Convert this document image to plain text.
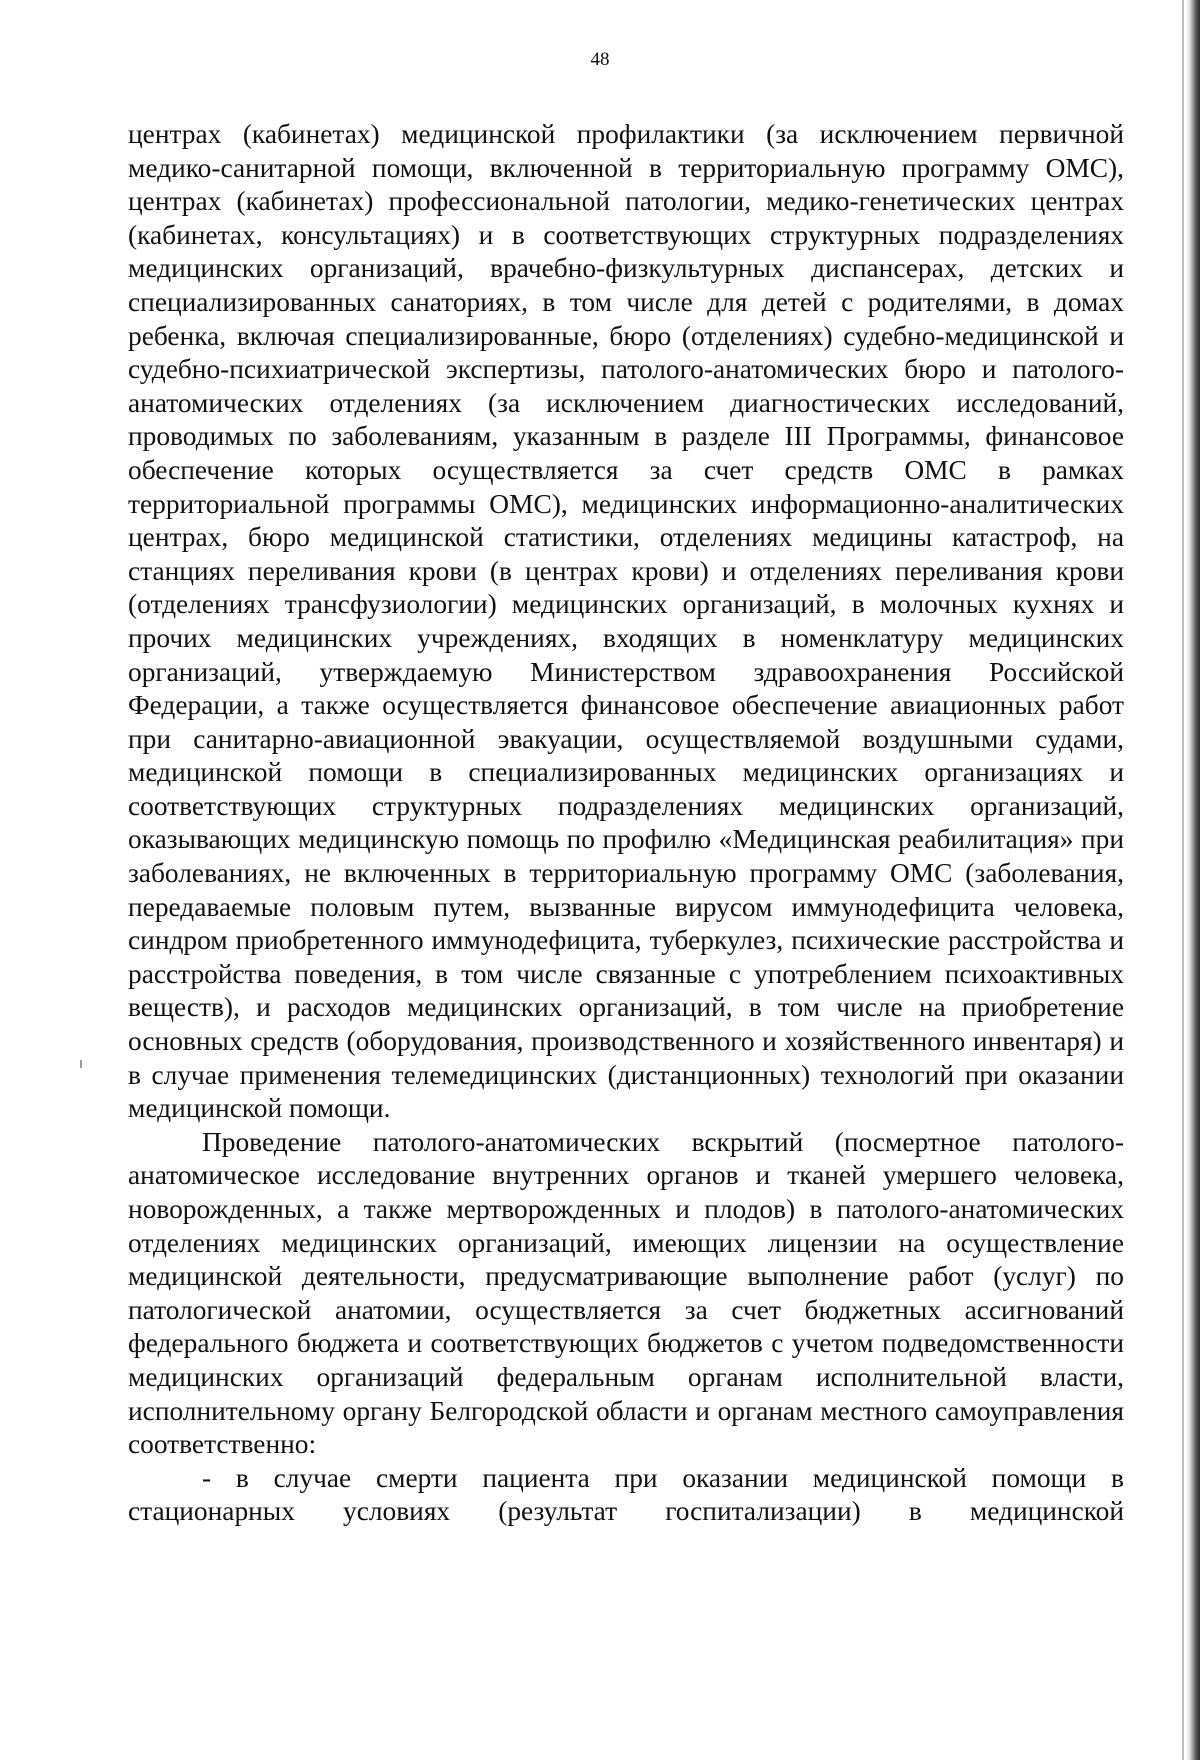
48

центрах (кабинетах) медицинской профилактики (за исключением первичной медико-санитарной помощи, включенной в территориальную программу ОМС), центрах (кабинетах) профессиональной патологии, медико-генетических центрах (кабинетах, консультациях) и в соответствующих структурных подразделениях медицинских организаций, врачебно-физкультурных диспансерах, детских и специализированных санаториях, в том числе для детей с родителями, в домах ребенка, включая специализированные, бюро (отделениях) судебно-медицинской и судебно-психиатрической экспертизы, патолого-анатомических бюро и патолого-анатомических отделениях (за исключением диагностических исследований, проводимых по заболеваниям, указанным в разделе III Программы, финансовое обеспечение которых осуществляется за счет средств ОМС в рамках территориальной программы ОМС), медицинских информационно-аналитических центрах, бюро медицинской статистики, отделениях медицины катастроф, на станциях переливания крови (в центрах крови) и отделениях переливания крови (отделениях трансфузиологии) медицинских организаций, в молочных кухнях и прочих медицинских учреждениях, входящих в номенклатуру медицинских организаций, утверждаемую Министерством здравоохранения Российской Федерации, а также осуществляется финансовое обеспечение авиационных работ при санитарно-авиационной эвакуации, осуществляемой воздушными судами, медицинской помощи в специализированных медицинских организациях и соответствующих структурных подразделениях медицинских организаций, оказывающих медицинскую помощь по профилю «Медицинская реабилитация» при заболеваниях, не включенных в территориальную программу ОМС (заболевания, передаваемые половым путем, вызванные вирусом иммунодефицита человека, синдром приобретенного иммунодефицита, туберкулез, психические расстройства и расстройства поведения, в том числе связанные с употреблением психоактивных веществ), и расходов медицинских организаций, в том числе на приобретение основных средств (оборудования, производственного и хозяйственного инвентаря) и в случае применения телемедицинских (дистанционных) технологий при оказании медицинской помощи.

Проведение патолого-анатомических вскрытий (посмертное патолого-анатомическое исследование внутренних органов и тканей умершего человека, новорожденных, а также мертворожденных и плодов) в патолого-анатомических отделениях медицинских организаций, имеющих лицензии на осуществление медицинской деятельности, предусматривающие выполнение работ (услуг) по патологической анатомии, осуществляется за счет бюджетных ассигнований федерального бюджета и соответствующих бюджетов с учетом подведомственности медицинских организаций федеральным органам исполнительной власти, исполнительному органу Белгородской области и органам местного самоуправления соответственно:

- в случае смерти пациента при оказании медицинской помощи в стационарных условиях (результат госпитализации) в медицинской
